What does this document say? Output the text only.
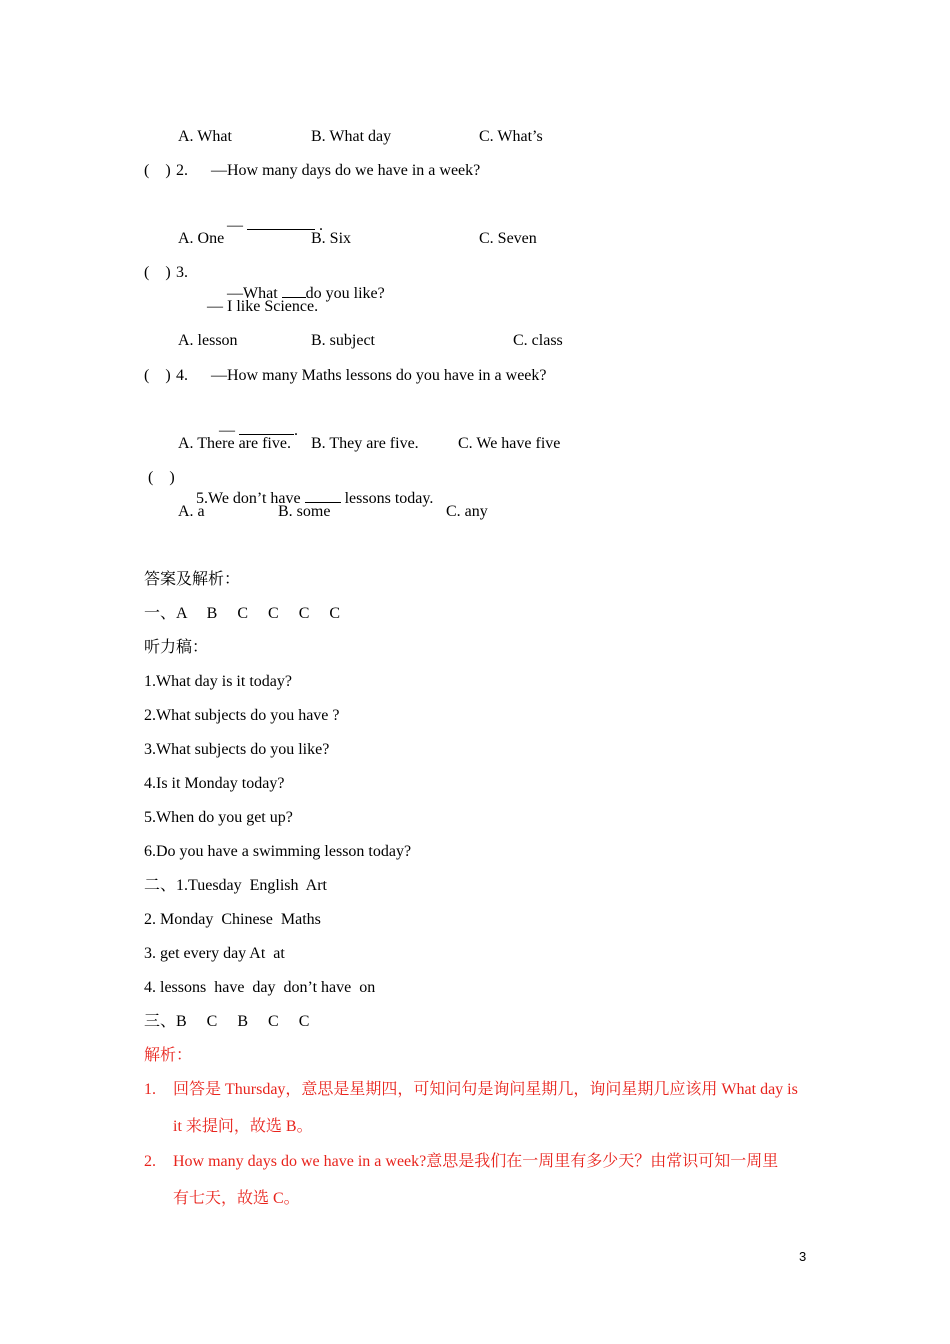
A. What	B. What day	C. What’s
(    ) 2. —How many days do we have in a week?

—	.

A. One	B. Six	C. Seven
(    ) 3.

—What do you like?

— I like Science.
A. lesson	B. subject	C. class
(    ) 4. —How many Maths lessons do you have in a week?

—	.

A. There are five. B. They are five. C. We have five
(    )

5.We don’t have	lessons today.

A. a	B. some	C. any
答案及解析：
一、A     B     C     C     C     C
听力稿：
1.What day is it today?
2.What subjects do you have ?
3.What subjects do you like?
4.Is it Monday today?
5.When do you get up?
6.Do you have a swimming lesson today?
二、1.Tuesday  English  Art
2. Monday  Chinese  Maths
3. get every day At  at
4. lessons  have  day  don’t have  on
三、B     C     B     C     C
解析：
1. 回答是 Thursday，意思是星期四，可知问句是询问星期几，询问星期几应该用 What day is
it 来提问，故选 B。
2. How many days do we have in a week?意思是我们在一周里有多少天？由常识可知一周里
有七天，故选 C。
3
